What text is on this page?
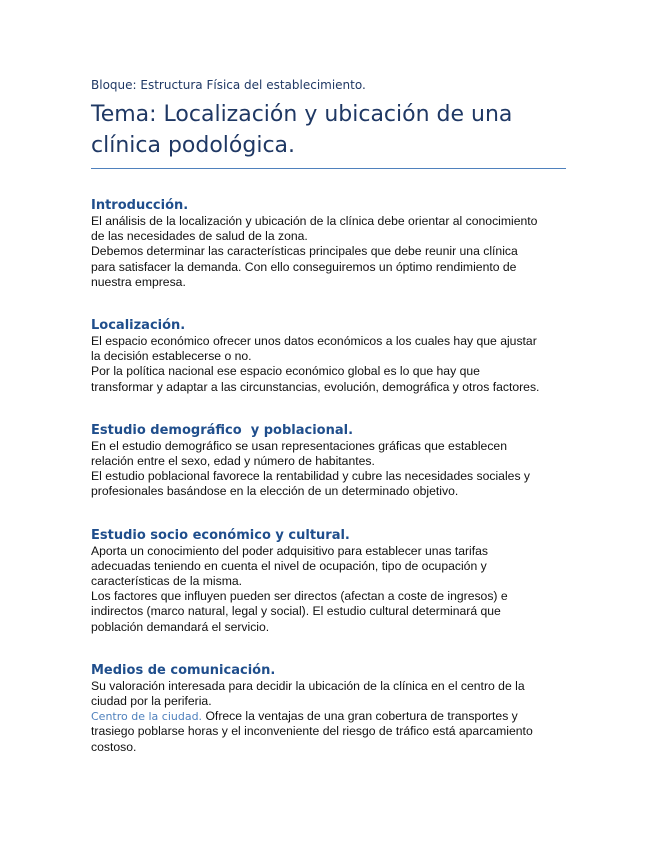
Bloque: Estructura Física del establecimiento.

Tema: Localización y ubicación de una
clínica podológica.
Introducción.

El análisis de la localización y ubicación de la clínica debe orientar al conocimiento
de las necesidades de salud de la zona.
Debemos determinar las características principales que debe reunir una clínica
para satisfacer la demanda. Con ello conseguiremos un óptimo rendimiento de
nuestra empresa.

Localización.

El espacio económico ofrecer unos datos económicos a los cuales hay que ajustar
la decisión establecerse o no.
Por la política nacional ese espacio económico global es lo que hay que
transformar y adaptar a las circunstancias, evolución, demográfica y otros factores.

Estudio demográfico  y poblacional.

En el estudio demográfico se usan representaciones gráficas que establecen
relación entre el sexo, edad y número de habitantes.
El estudio poblacional favorece la rentabilidad y cubre las necesidades sociales y
profesionales basándose en la elección de un determinado objetivo.

Estudio socio económico y cultural.

Aporta un conocimiento del poder adquisitivo para establecer unas tarifas
adecuadas teniendo en cuenta el nivel de ocupación, tipo de ocupación y
características de la misma.
Los factores que influyen pueden ser directos (afectan a coste de ingresos) e
indirectos (marco natural, legal y social). El estudio cultural determinará que
población demandará el servicio.

Medios de comunicación.

Su valoración interesada para decidir la ubicación de la clínica en el centro de la
ciudad por la periferia.
Centro de la ciudad. Ofrece la ventajas de una gran cobertura de transportes y
trasiego poblarse horas y el inconveniente del riesgo de tráfico está aparcamiento
costoso.
